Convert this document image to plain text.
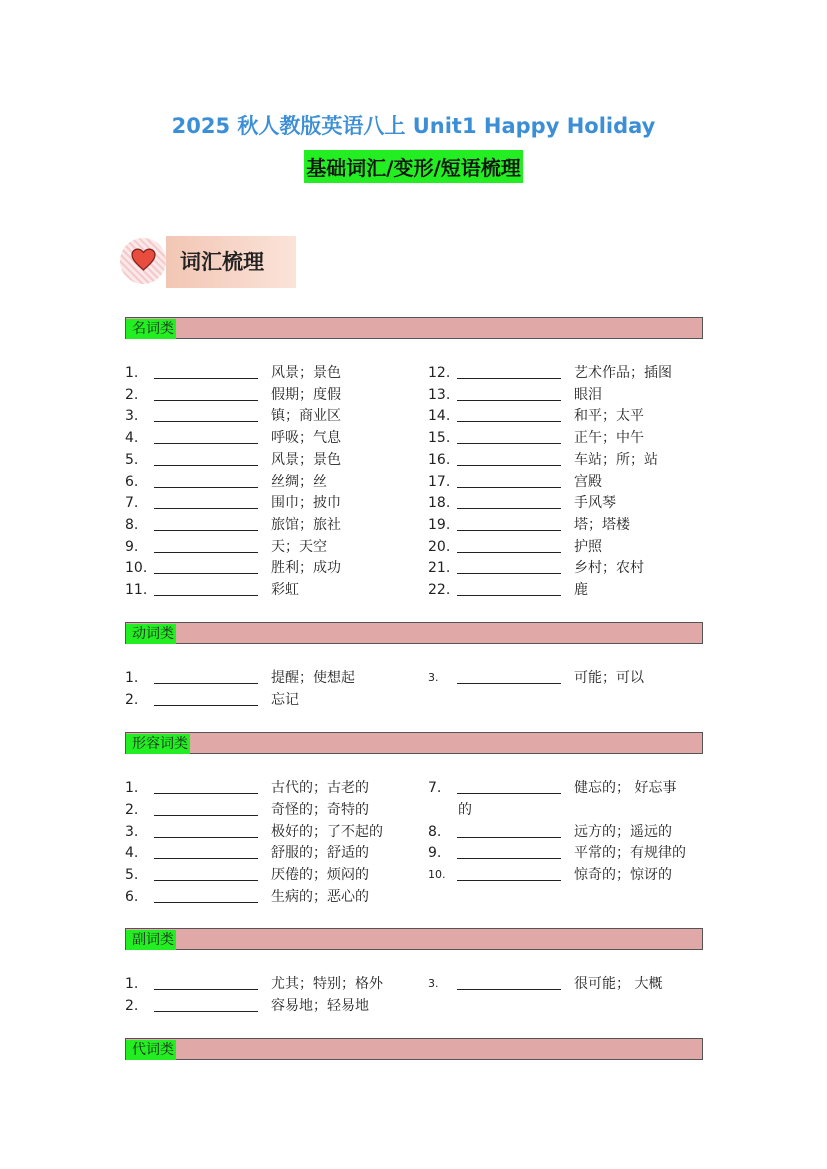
2025 秋人教版英语八上 Unit1 Happy Holiday
基础词汇/变形/短语梳理
词汇梳理
名词类
动词类
形容词类
副词类
代词类
1.	风景；景色
2.	假期；度假
3.	镇；商业区
4.	呼吸；气息
5.	风景；景色
6.	丝绸；丝
7.	围巾；披巾
8.	旅馆；旅社
9.	天；天空
10.	胜利；成功
11.	彩虹
12.	艺术作品；插图
13.	眼泪
14.	和平；太平
15.	正午；中午
16.	车站；所；站
17.	宫殿
18.	手风琴
19.	塔；塔楼
20.	护照
21.	乡村；农村
22.	鹿
1.	提醒；使想起
2.	忘记
3.	可能；可以
1.	古代的；古老的
2.	奇怪的；奇特的
3.	极好的；了不起的
4.	舒服的；舒适的
5.	厌倦的；烦闷的
6.	生病的；恶心的
7.	健忘的； 好忘事
的
8.	远方的；遥远的
9.	平常的；有规律的
10.	惊奇的；惊讶的
1.	尤其；特别；格外
2.	容易地；轻易地
3.	很可能； 大概
